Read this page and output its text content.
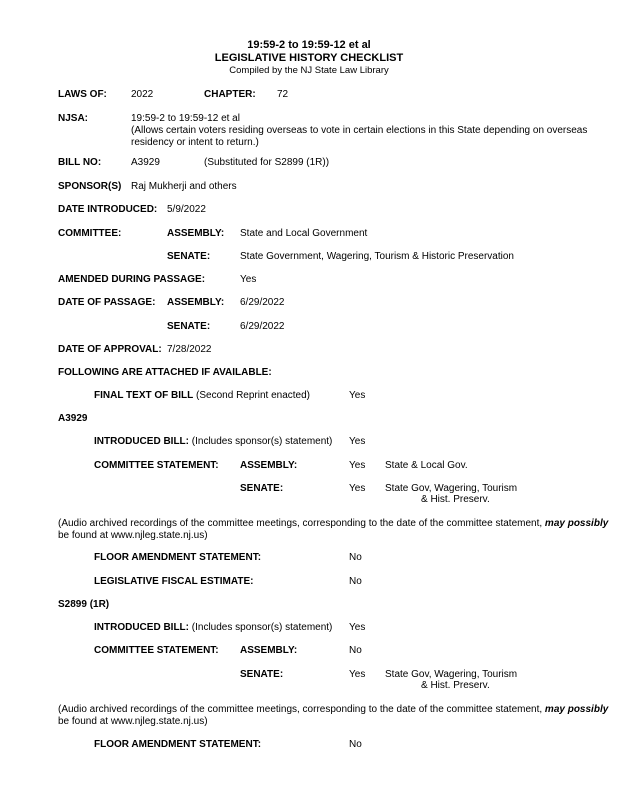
19:59-2 to 19:59-12 et al
LEGISLATIVE HISTORY CHECKLIST
Compiled by the NJ State Law Library
LAWS OF: 2022	CHAPTER: 72
NJSA:	19:59-2 to 19:59-12 et al
(Allows certain voters residing overseas to vote in certain elections in this State depending on overseas residency or intent to return.)
BILL NO:	A3929	(Substituted for S2899 (1R))
SPONSOR(S) Raj Mukherji and others
DATE INTRODUCED: 5/9/2022
COMMITTEE:	ASSEMBLY: State and Local Government
SENATE:	State Government, Wagering, Tourism & Historic Preservation
AMENDED DURING PASSAGE:	Yes
DATE OF PASSAGE: ASSEMBLY: 6/29/2022
SENATE:	6/29/2022
DATE OF APPROVAL: 7/28/2022
FOLLOWING ARE ATTACHED IF AVAILABLE:
FINAL TEXT OF BILL (Second Reprint enacted)	Yes
A3929
INTRODUCED BILL: (Includes sponsor(s) statement) Yes
COMMITTEE STATEMENT: ASSEMBLY:	Yes State & Local Gov.
SENATE:	Yes State Gov, Wagering, Tourism
& Hist. Preserv.
(Audio archived recordings of the committee meetings, corresponding to the date of the committee statement, may possibly
be found at www.njleg.state.nj.us)
FLOOR AMENDMENT STATEMENT:	No
LEGISLATIVE FISCAL ESTIMATE:	No
S2899 (1R)
INTRODUCED BILL: (Includes sponsor(s) statement) Yes
COMMITTEE STATEMENT: ASSEMBLY:	No
SENATE:	Yes State Gov, Wagering, Tourism
& Hist. Preserv.
(Audio archived recordings of the committee meetings, corresponding to the date of the committee statement, may possibly
be found at www.njleg.state.nj.us)
FLOOR AMENDMENT STATEMENT:	No
